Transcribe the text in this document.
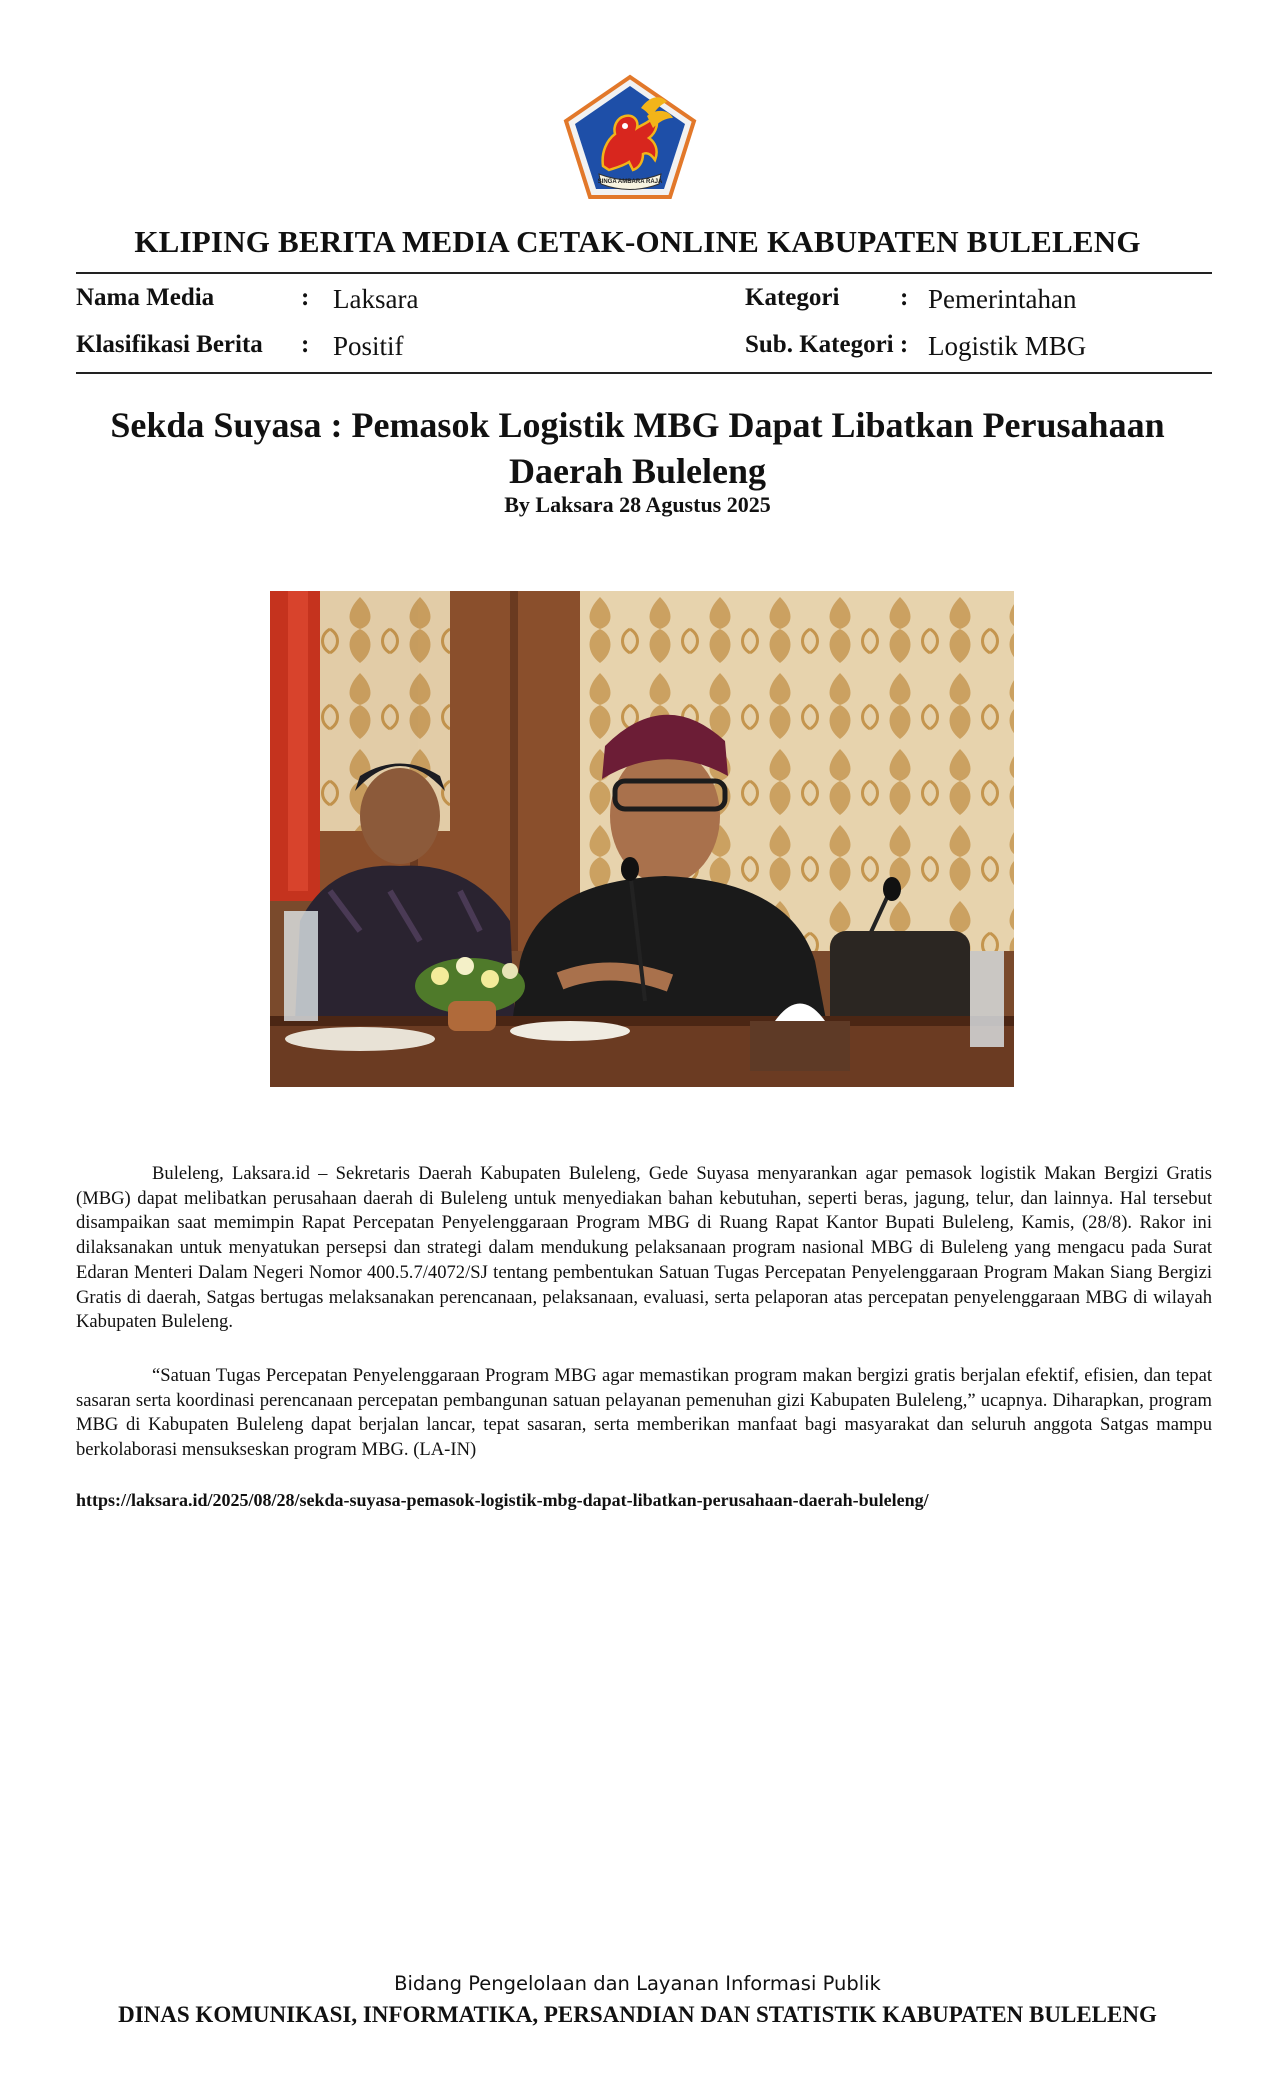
SINGA AMBARA RAJA
KLIPING BERITA MEDIA CETAK-ONLINE KABUPATEN BULELENG
Nama Media	: Laksara
Klasifikasi Berita : Positif
Kategori : Pemerintahan
Sub. Kategori : Logistik MBG
Sekda Suyasa : Pemasok Logistik MBG Dapat Libatkan Perusahaan Daerah Buleleng
By Laksara 28 Agustus 2025

Buleleng, Laksara.id – Sekretaris Daerah Kabupaten Buleleng, Gede Suyasa menyarankan agar pemasok logistik Makan Bergizi Gratis (MBG) dapat melibatkan perusahaan daerah di Buleleng untuk menyediakan bahan kebutuhan, seperti beras, jagung, telur, dan lainnya. Hal tersebut disampaikan saat memimpin Rapat Percepatan Penyelenggaraan Program MBG di Ruang Rapat Kantor Bupati Buleleng, Kamis, (28/8). Rakor ini dilaksanakan untuk menyatukan persepsi dan strategi dalam mendukung pelaksanaan program nasional MBG di Buleleng yang mengacu pada Surat Edaran Menteri Dalam Negeri Nomor 400.5.7/4072/SJ tentang pembentukan Satuan Tugas Percepatan Penyelenggaraan Program Makan Siang Bergizi Gratis di daerah, Satgas bertugas melaksanakan perencanaan, pelaksanaan, evaluasi, serta pelaporan atas percepatan penyelenggaraan MBG di wilayah Kabupaten Buleleng.

“Satuan Tugas Percepatan Penyelenggaraan Program MBG agar memastikan program makan bergizi gratis berjalan efektif, efisien, dan tepat sasaran serta koordinasi perencanaan percepatan pembangunan satuan pelayanan pemenuhan gizi Kabupaten Buleleng,” ucapnya. Diharapkan, program MBG di Kabupaten Buleleng dapat berjalan lancar, tepat sasaran, serta memberikan manfaat bagi masyarakat dan seluruh anggota Satgas mampu berkolaborasi mensukseskan program MBG. (LA-IN)

https://laksara.id/2025/08/28/sekda-suyasa-pemasok-logistik-mbg-dapat-libatkan-perusahaan-daerah-buleleng/
Bidang Pengelolaan dan Layanan Informasi Publik
DINAS KOMUNIKASI, INFORMATIKA, PERSANDIAN DAN STATISTIK KABUPATEN BULELENG
